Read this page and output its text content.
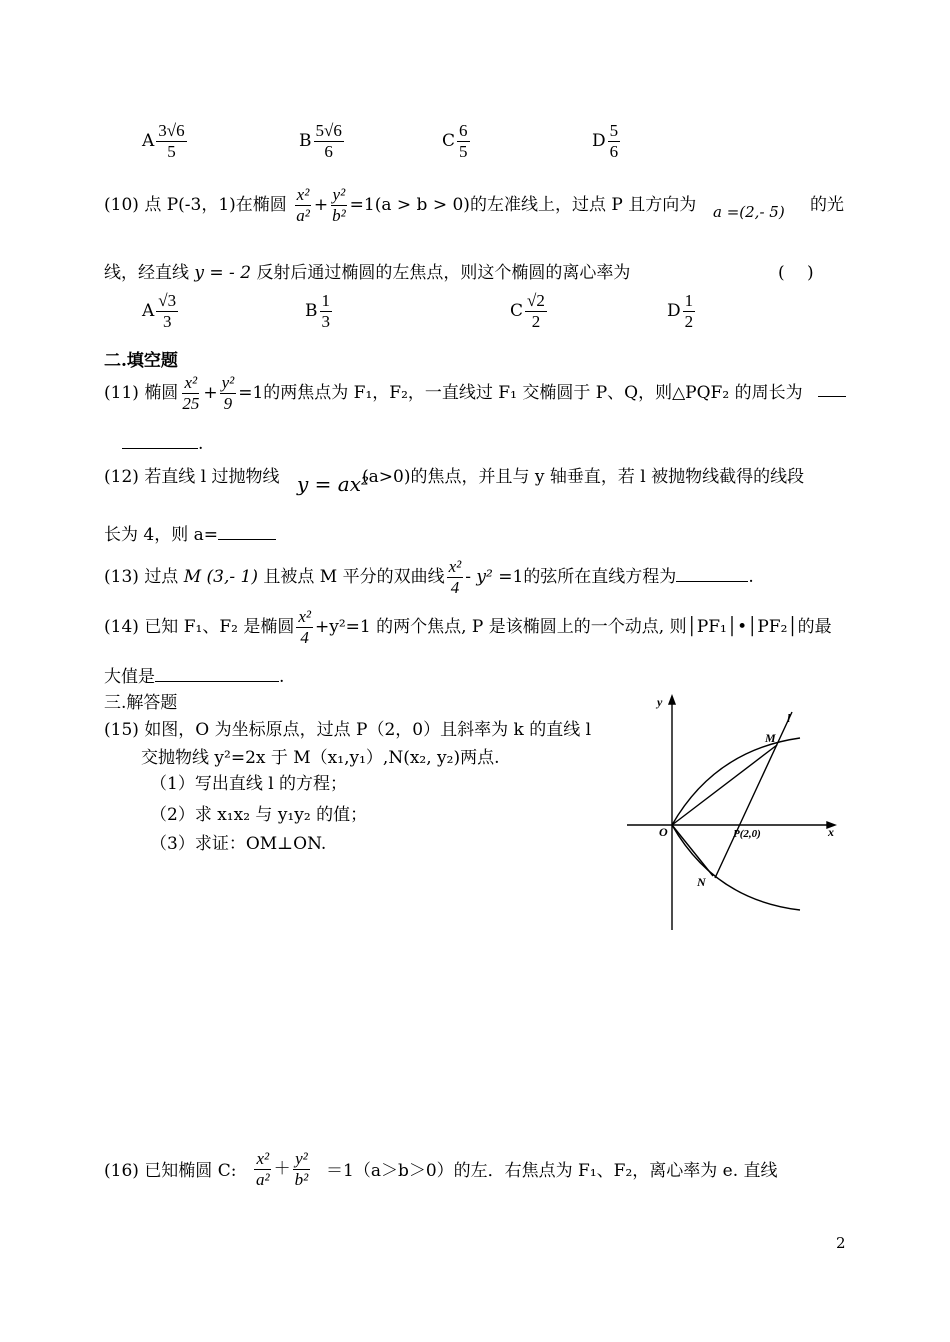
A $\frac{3√6}{5}$	B $\frac{5√6}{6}$	C $\frac{6}{5}$	D $\frac{5}{6}$
(10) 点 P(-3，1)在椭圆 $\frac{\text{x²}}{\text{a²}} + \frac{\text{y²}}{\text{b²}} =1(a > b > 0)$ 的左准线上，过点 P 且方向为 a =(2,- 5) 的光
线，经直线 y = - 2 反射后通过椭圆的左焦点，则这个椭圆的离心率为	(　 )
A $\frac{√3}{3}$	B $\frac{1}{3}$	C $\frac{√2}{2}$	D $\frac{1}{2}$
二.填空题
(11) 椭圆 $\frac{\text{x²}}{25} + \frac{\text{y²}}{9} =1$的两焦点为 F₁，F₂，一直线过 F₁ 交椭圆于 P、Q，则△PQF₂ 的周长为
.
(12) 若直线 l 过抛物线 y = ax²
(a>0)的焦点，并且与 y 轴垂直，若 l 被抛物线截得的线段
长为 4，则 a=
(13) 过点 M (3,- 1) 且被点 M 平分的双曲线 $\frac{\text{x²}}{4} - y^2 =1$的弦所在直线方程为	.
(14) 已知 F₁、F₂ 是椭圆 $\frac{\text{x²}}{4} +y^2=1$ 的两个焦点, P 是该椭圆上的一个动点, 则│PF₁│•│PF₂│的最
大值是	.
三.解答题
(15) 如图，O 为坐标原点，过点 P（2，0）且斜率为 k 的直线 l
交抛物线 y²=2x 于 M（x₁,y₁）,N(x₂, y₂)两点.
（1）写出直线 l 的方程；
（2）求 x₁x₂ 与 y₁y₂ 的值；
（3）求证：OM⊥ON.
y
x
O
M
N
l
P(2,0)
(16) 已知椭圆 C: $\frac{\text{x²}}{\text{a²}} + \frac{\text{y²}}{\text{b²}} =1(a>b>0)$的左．右焦点为 F₁、F₂，离心率为 e. 直线
2
